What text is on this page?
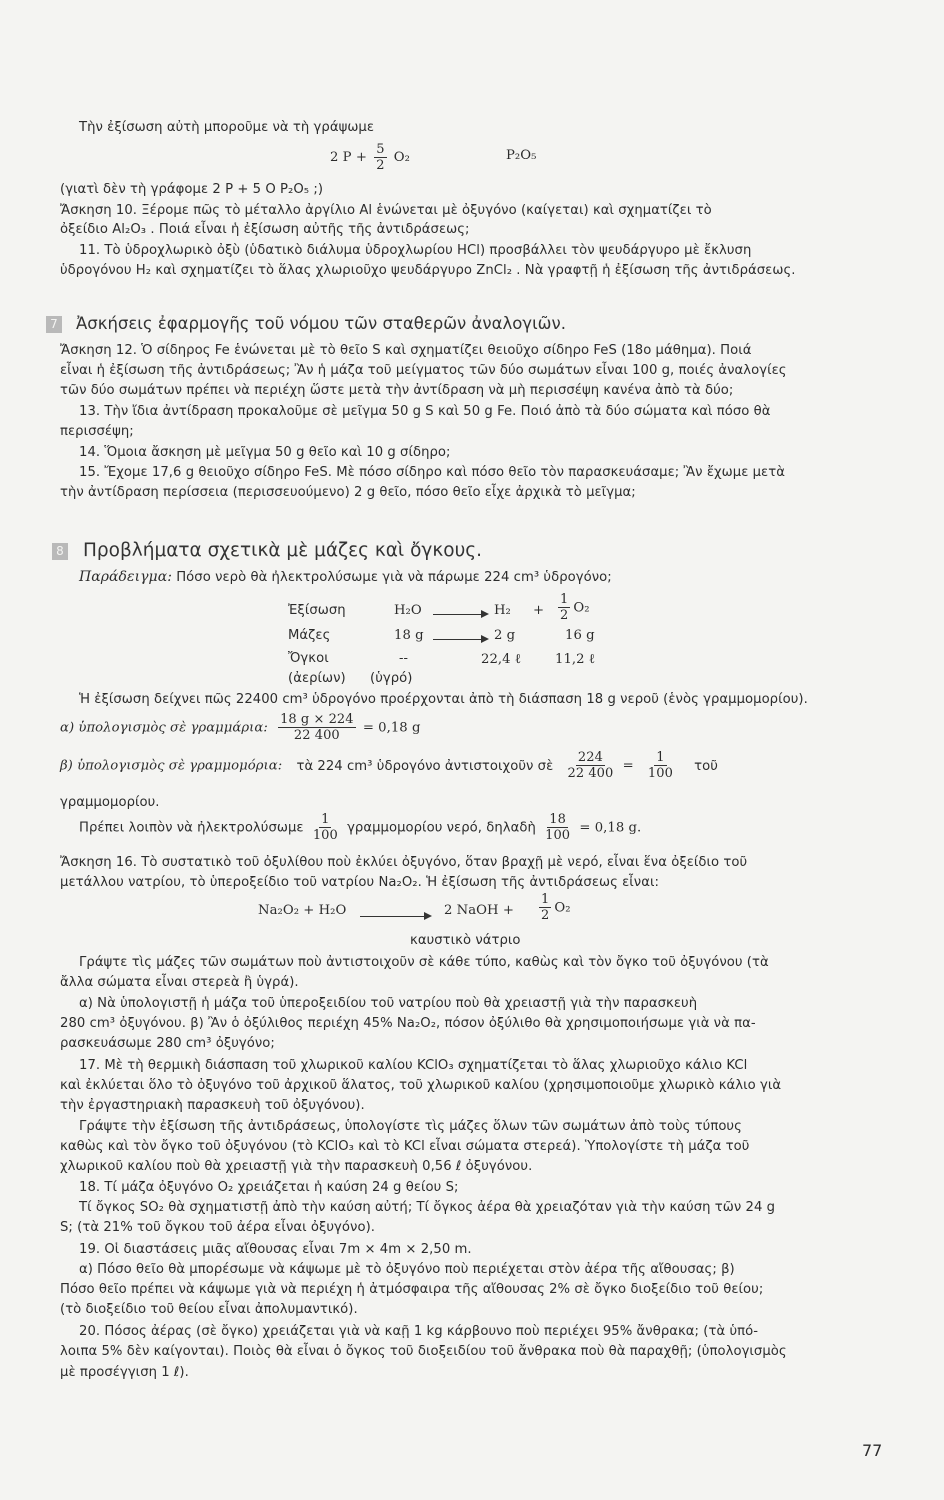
Τὴν ἐξίσωση αὐτὴ μποροῦμε νὰ τὴ γράψωμε
2 $P + \frac{5}{2} O_2$	P₂O₅
(γιατὶ δὲν τὴ γράφομε 2 P + 5 O P₂O₅ ;)
Ἄσκηση 10. Ξέρομε πῶς τὸ μέταλλο ἀργίλιο Al ἑνώνεται μὲ ὀξυγόνο (καίγεται) καὶ σχηματίζει τὸ
ὀξείδιο Al₂O₃ . Ποιά εἶναι ἡ ἐξίσωση αὐτῆς τῆς ἀντιδράσεως;
11. Τὸ ὑδροχλωρικὸ ὀξὺ (ὑδατικὸ διάλυμα ὑδροχλωρίου HCl) προσβάλλει τὸν ψευδάργυρο μὲ ἔκλυση
ὑδρογόνου H₂ καὶ σχηματίζει τὸ ἅλας χλωριοῦχο ψευδάργυρο ZnCl₂ . Νὰ γραφτῇ ἡ ἐξίσωση τῆς ἀντιδράσεως.
7 Ἀσκήσεις ἐφαρμογῆς τοῦ νόμου τῶν σταθερῶν ἀναλογιῶν.
Ἄσκηση 12. Ὁ σίδηρος Fe ἑνώνεται μὲ τὸ θεῖο S καὶ σχηματίζει θειοῦχο σίδηρο FeS (18ο μάθημα). Ποιά
εἶναι ἡ ἐξίσωση τῆς ἀντιδράσεως; Ἂν ἡ μάζα τοῦ μείγματος τῶν δύο σωμάτων εἶναι 100 g, ποιές ἀναλογίες
τῶν δύο σωμάτων πρέπει νὰ περιέχη ὥστε μετὰ τὴν ἀντίδραση νὰ μὴ περισσέψη κανένα ἀπὸ τὰ δύο;
13. Τὴν ἴδια ἀντίδραση προκαλοῦμε σὲ μεῖγμα 50 g S καὶ 50 g Fe. Ποιό ἀπὸ τὰ δύο σώματα καὶ πόσο θὰ
περισσέψη;
14. Ὅμοια ἄσκηση μὲ μεῖγμα 50 g θεῖο καὶ 10 g σίδηρο;
15. Ἔχομε 17,6 g θειοῦχο σίδηρο FeS. Μὲ πόσο σίδηρο καὶ πόσο θεῖο τὸν παρασκευάσαμε; Ἂν ἔχωμε μετὰ
τὴν ἀντίδραση περίσσεια (περισσευούμενο) 2 g θεῖο, πόσο θεῖο εἶχε ἀρχικὰ τὸ μεῖγμα;
8 Προβλήματα σχετικὰ μὲ μάζες καὶ ὄγκους.
Παράδειγμα: Πόσο νερὸ θὰ ἠλεκτρολύσωμε γιὰ νὰ πάρωμε 224 cm³ ὑδρογόνο;
Ἐξίσωση	H₂O	$H_2 + \frac{1}{2} O_2$
Μάζες	18 g	2 g	16 g
Ὄγκοι	--	22,4 ℓ	11,2 ℓ
(ἀερίων) (ὑγρό)
Ἡ ἐξίσωση δείχνει πῶς 22400 cm³ ὑδρογόνο προέρχονται ἀπὸ τὴ διάσπαση 18 g νεροῦ (ἑνὸς γραμμομορίου).
α) ὑπολογισμὸς σὲ γραμμάρια: $\frac{18 g \times 224}{22 400} = 0,18$ g
β) ὑπολογισμὸς σὲ γραμμομόρια: τὰ 224 cm³ ὑδρογόνο ἀντιστοιχοῦν σὲ $\frac{224}{22 400} = \frac{1}{100}$ τοῦ
γραμμομορίου.
Πρέπει λοιπὸν νὰ ἠλεκτρολύσωμε $\frac{1}{100}$ γραμμομορίου νερό, δηλαδὴ $\frac{18}{100} = 0,18$ g.
Ἄσκηση 16. Τὸ συστατικὸ τοῦ ὀξυλίθου ποὺ ἐκλύει ὀξυγόνο, ὅταν βραχῇ μὲ νερό, εἶναι ἕνα ὀξείδιο τοῦ
μετάλλου νατρίου, τὸ ὑπεροξείδιο τοῦ νατρίου Na₂O₂. Ἡ ἐξίσωση τῆς ἀντιδράσεως εἶναι:
Na₂O₂ + H₂O	2 NaOH + $\frac{1}{2} O_2$
καυστικὸ νάτριο
Γράψτε τὶς μάζες τῶν σωμάτων ποὺ ἀντιστοιχοῦν σὲ κάθε τύπο, καθὼς καὶ τὸν ὄγκο τοῦ ὀξυγόνου (τὰ
ἄλλα σώματα εἶναι στερεὰ ἢ ὑγρά).
α) Νὰ ὑπολογιστῇ ἡ μάζα τοῦ ὑπεροξειδίου τοῦ νατρίου ποὺ θὰ χρειαστῇ γιὰ τὴν παρασκευὴ
280 cm³ ὀξυγόνου. β) Ἂν ὁ ὀξύλιθος περιέχη 45% Na₂O₂, πόσον ὀξύλιθο θὰ χρησιμοποιήσωμε γιὰ νὰ πα-
ρασκευάσωμε 280 cm³ ὀξυγόνο;
17. Μὲ τὴ θερμικὴ διάσπαση τοῦ χλωρικοῦ καλίου KClO₃ σχηματίζεται τὸ ἅλας χλωριοῦχο κάλιο KCl
καὶ ἐκλύεται ὅλο τὸ ὀξυγόνο τοῦ ἀρχικοῦ ἅλατος, τοῦ χλωρικοῦ καλίου (χρησιμοποιοῦμε χλωρικὸ κάλιο γιὰ
τὴν ἐργαστηριακὴ παρασκευὴ τοῦ ὀξυγόνου).
Γράψτε τὴν ἐξίσωση τῆς ἀντιδράσεως, ὑπολογίστε τὶς μάζες ὅλων τῶν σωμάτων ἀπὸ τοὺς τύπους
καθὼς καὶ τὸν ὄγκο τοῦ ὀξυγόνου (τὸ KClO₃ καὶ τὸ KCl εἶναι σώματα στερεά). Ὑπολογίστε τὴ μάζα τοῦ
χλωρικοῦ καλίου ποὺ θὰ χρειαστῇ γιὰ τὴν παρασκευὴ 0,56 ℓ ὀξυγόνου.
18. Τί μάζα ὀξυγόνο O₂ χρειάζεται ἡ καύση 24 g θείου S;
Τί ὄγκος SO₂ θὰ σχηματιστῇ ἀπὸ τὴν καύση αὐτή; Τί ὄγκος ἀέρα θὰ χρειαζόταν γιὰ τὴν καύση τῶν 24 g
S; (τὰ 21% τοῦ ὄγκου τοῦ ἀέρα εἶναι ὀξυγόνο).
19. Οἱ διαστάσεις μιᾶς αἴθουσας εἶναι 7m × 4m × 2,50 m.
α) Πόσο θεῖο θὰ μπορέσωμε νὰ κάψωμε μὲ τὸ ὀξυγόνο ποὺ περιέχεται στὸν ἀέρα τῆς αἴθουσας; β)
Πόσο θεῖο πρέπει νὰ κάψωμε γιὰ νὰ περιέχη ἡ ἀτμόσφαιρα τῆς αἴθουσας 2% σὲ ὄγκο διοξείδιο τοῦ θείου;
(τὸ διοξείδιο τοῦ θείου εἶναι ἀπολυμαντικό).
20. Πόσος ἀέρας (σὲ ὄγκο) χρειάζεται γιὰ νὰ καῇ 1 kg κάρβουνο ποὺ περιέχει 95% ἄνθρακα; (τὰ ὑπό-
λοιπα 5% δὲν καίγονται). Ποιὸς θὰ εἶναι ὁ ὄγκος τοῦ διοξειδίου τοῦ ἄνθρακα ποὺ θὰ παραχθῇ; (ὑπολογισμὸς
μὲ προσέγγιση 1 ℓ).
77
